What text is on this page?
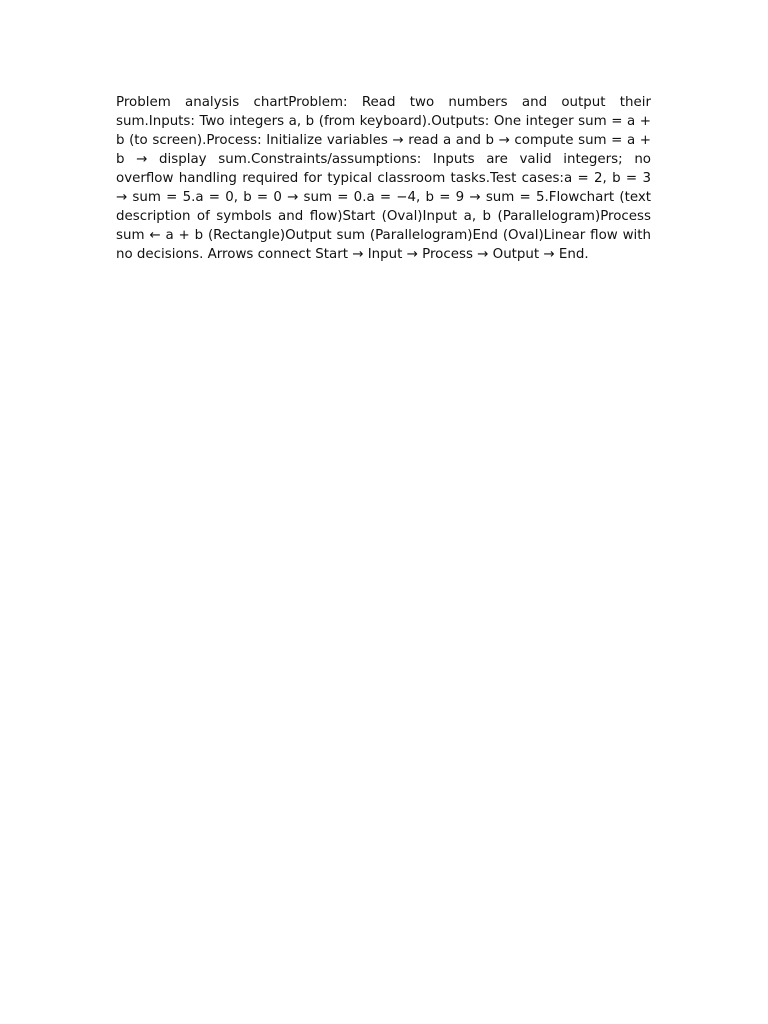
Problem analysis chartProblem: Read two numbers and output their sum.Inputs: Two integers a, b (from keyboard).Outputs: One integer sum = a + b (to screen).Process: Initialize variables → read a and b → compute sum = a + b → display sum.Constraints/assumptions: Inputs are valid integers; no overflow handling required for typical classroom tasks.Test cases:a = 2, b = 3 → sum = 5.a = 0, b = 0 → sum = 0.a = −4, b = 9 → sum = 5.Flowchart (text description of symbols and flow)Start (Oval)Input a, b (Parallelogram)Process sum ← a + b (Rectangle)Output sum (Parallelogram)End (Oval)Linear flow with no decisions. Arrows connect Start → Input → Process → Output → End.
